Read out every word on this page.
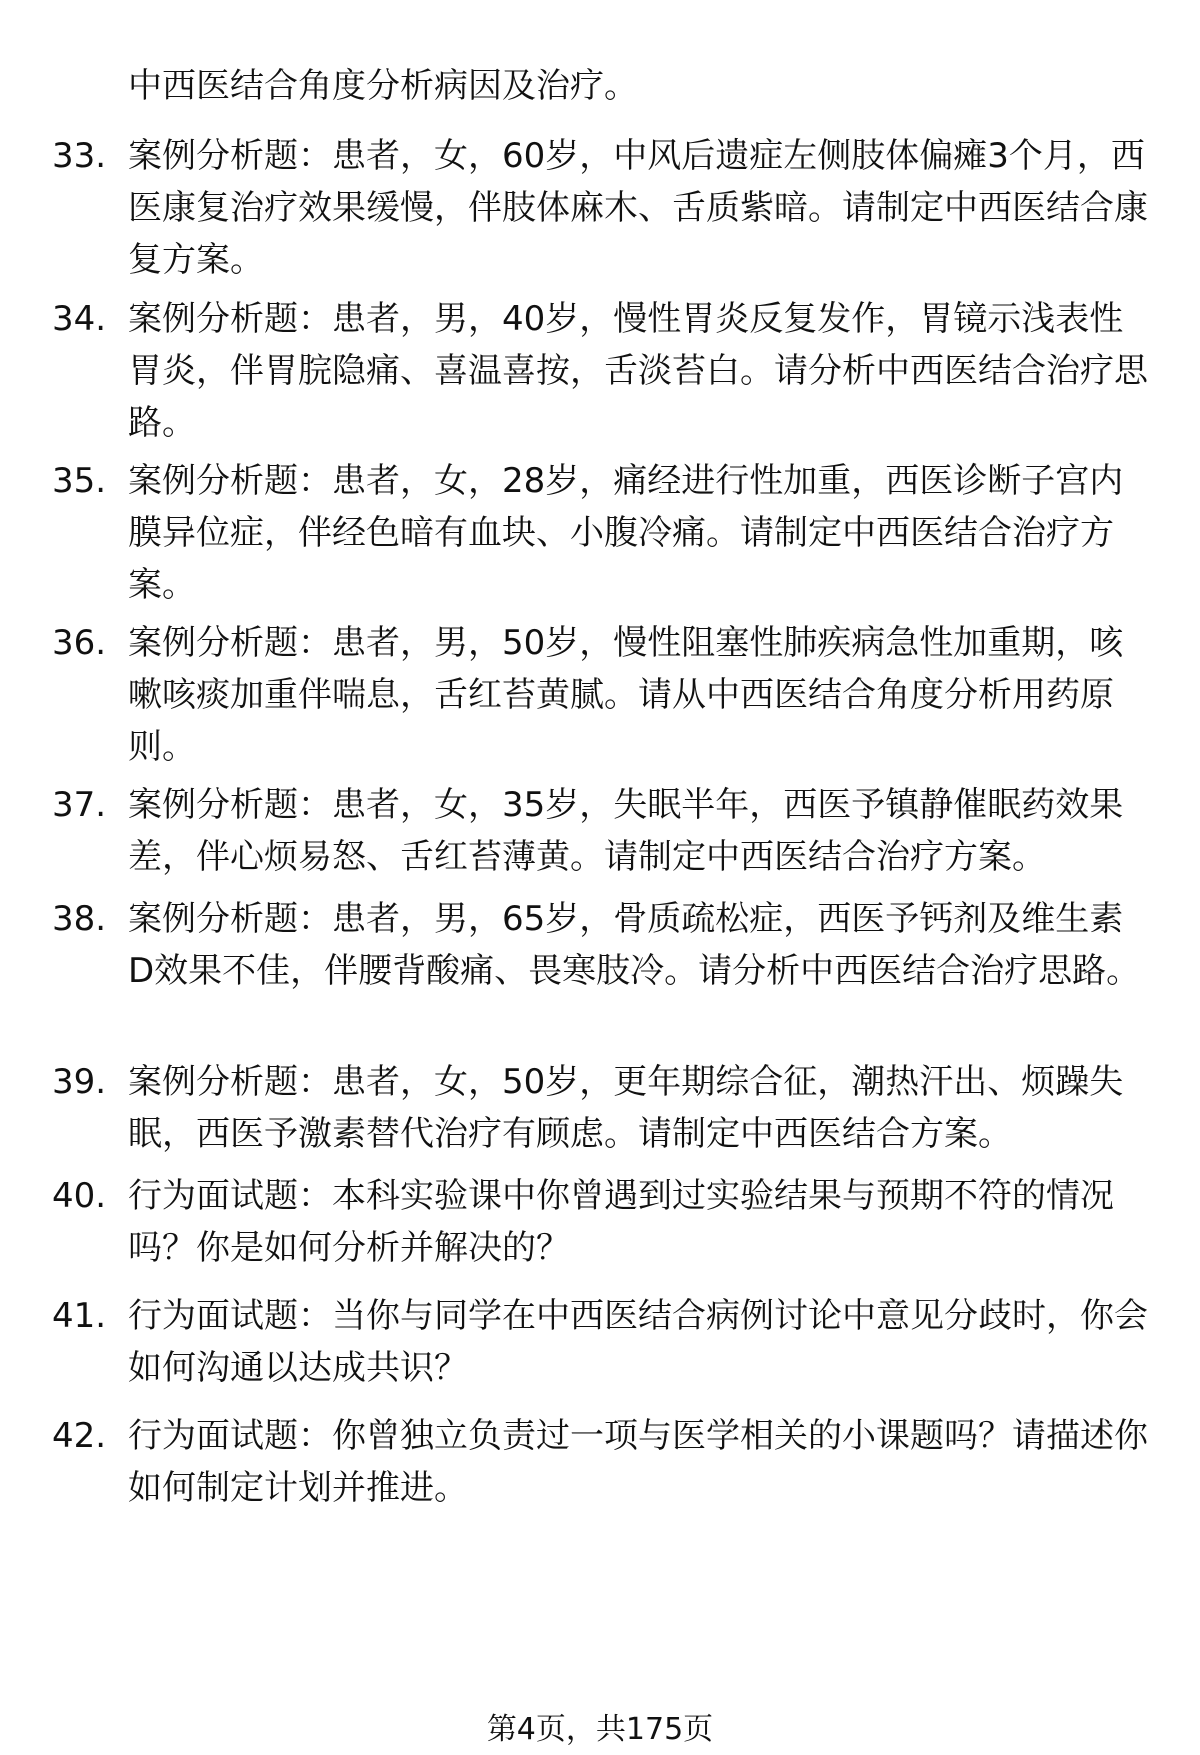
中西医结合角度分析病因及治疗。
33. 案例分析题：患者，女，60岁，中风后遗症左侧肢体偏瘫3个月，西医康复治疗效果缓慢，伴肢体麻木、舌质紫暗。请制定中西医结合康复方案。
34. 案例分析题：患者，男，40岁，慢性胃炎反复发作，胃镜示浅表性胃炎，伴胃脘隐痛、喜温喜按，舌淡苔白。请分析中西医结合治疗思路。
35. 案例分析题：患者，女，28岁，痛经进行性加重，西医诊断子宫内膜异位症，伴经色暗有血块、小腹冷痛。请制定中西医结合治疗方案。
36. 案例分析题：患者，男，50岁，慢性阻塞性肺疾病急性加重期，咳嗽咳痰加重伴喘息，舌红苔黄腻。请从中西医结合角度分析用药原则。
37. 案例分析题：患者，女，35岁，失眠半年，西医予镇静催眠药效果差，伴心烦易怒、舌红苔薄黄。请制定中西医结合治疗方案。
38. 案例分析题：患者，男，65岁，骨质疏松症，西医予钙剂及维生素D效果不佳，伴腰背酸痛、畏寒肢冷。请分析中西医结合治疗思路。
39. 案例分析题：患者，女，50岁，更年期综合征，潮热汗出、烦躁失眠，西医予激素替代治疗有顾虑。请制定中西医结合方案。
40. 行为面试题：本科实验课中你曾遇到过实验结果与预期不符的情况吗？你是如何分析并解决的？
41. 行为面试题：当你与同学在中西医结合病例讨论中意见分歧时，你会如何沟通以达成共识？
42. 行为面试题：你曾独立负责过一项与医学相关的小课题吗？请描述你如何制定计划并推进。
第4页，共175页
